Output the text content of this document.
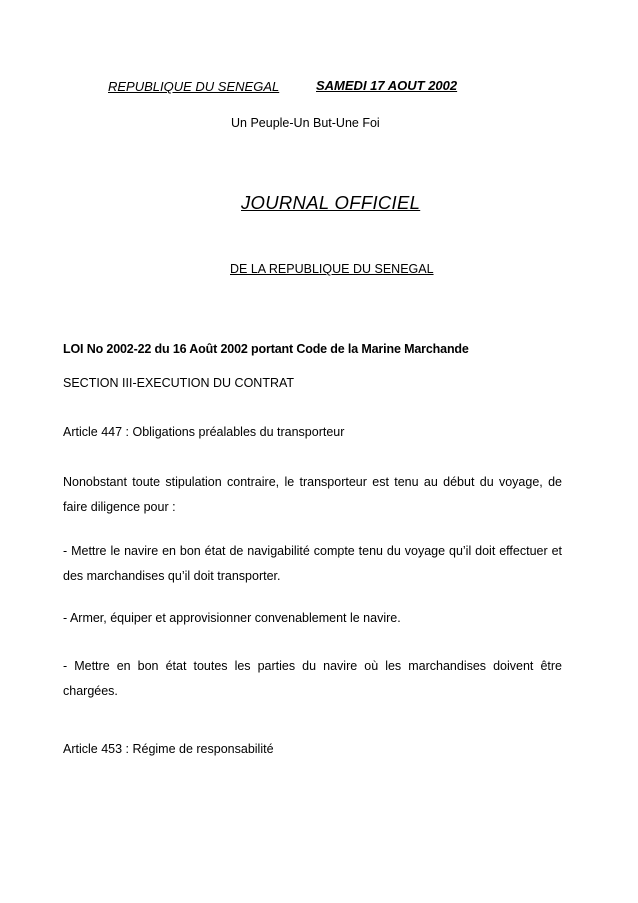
REPUBLIQUE DU SENEGAL	SAMEDI 17 AOUT 2002
Un Peuple-Un But-Une Foi
JOURNAL OFFICIEL
DE LA REPUBLIQUE DU SENEGAL
LOI No 2002-22 du 16 Août 2002 portant Code de la Marine Marchande
SECTION III-EXECUTION DU CONTRAT
Article 447 : Obligations préalables du transporteur
Nonobstant toute stipulation contraire, le transporteur est tenu au début du voyage, de faire diligence pour :
- Mettre le navire en bon état de navigabilité compte tenu du voyage qu’il doit effectuer et des marchandises qu’il doit transporter.
- Armer, équiper et approvisionner convenablement le navire.
- Mettre en bon état toutes les parties du navire où les marchandises doivent être chargées.
Article 453 : Régime de responsabilité
